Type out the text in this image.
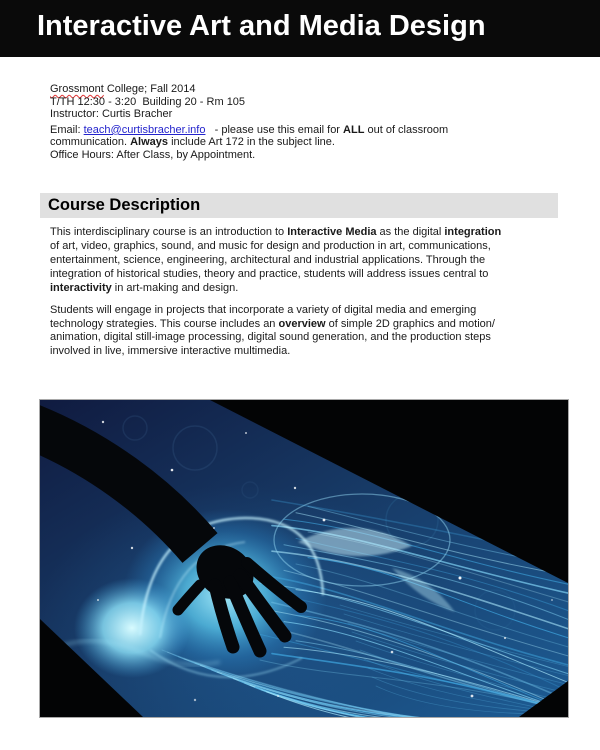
Interactive Art and Media Design
Grossmont College; Fall 2014
T/TH 12:30 - 3:20  Building 20 - Rm 105
Instructor: Curtis Bracher
Email: teach@curtisbracher.info   - please use this email for ALL out of classroom
communication. Always include Art 172 in the subject line.
Office Hours: After Class, by Appointment.
Course Description
This interdisciplinary course is an introduction to Interactive Media as the digital integration
of art, video, graphics, sound, and music for design and production in art, communications,
entertainment, science, engineering, architectural and industrial applications. Through the
integration of historical studies, theory and practice, students will address issues central to
interactivity in art-making and design.
Students will engage in projects that incorporate a variety of digital media and emerging
technology strategies. This course includes an overview of simple 2D graphics and motion/
animation, digital still-image processing, digital sound generation, and the production steps
involved in live, immersive interactive multimedia.
